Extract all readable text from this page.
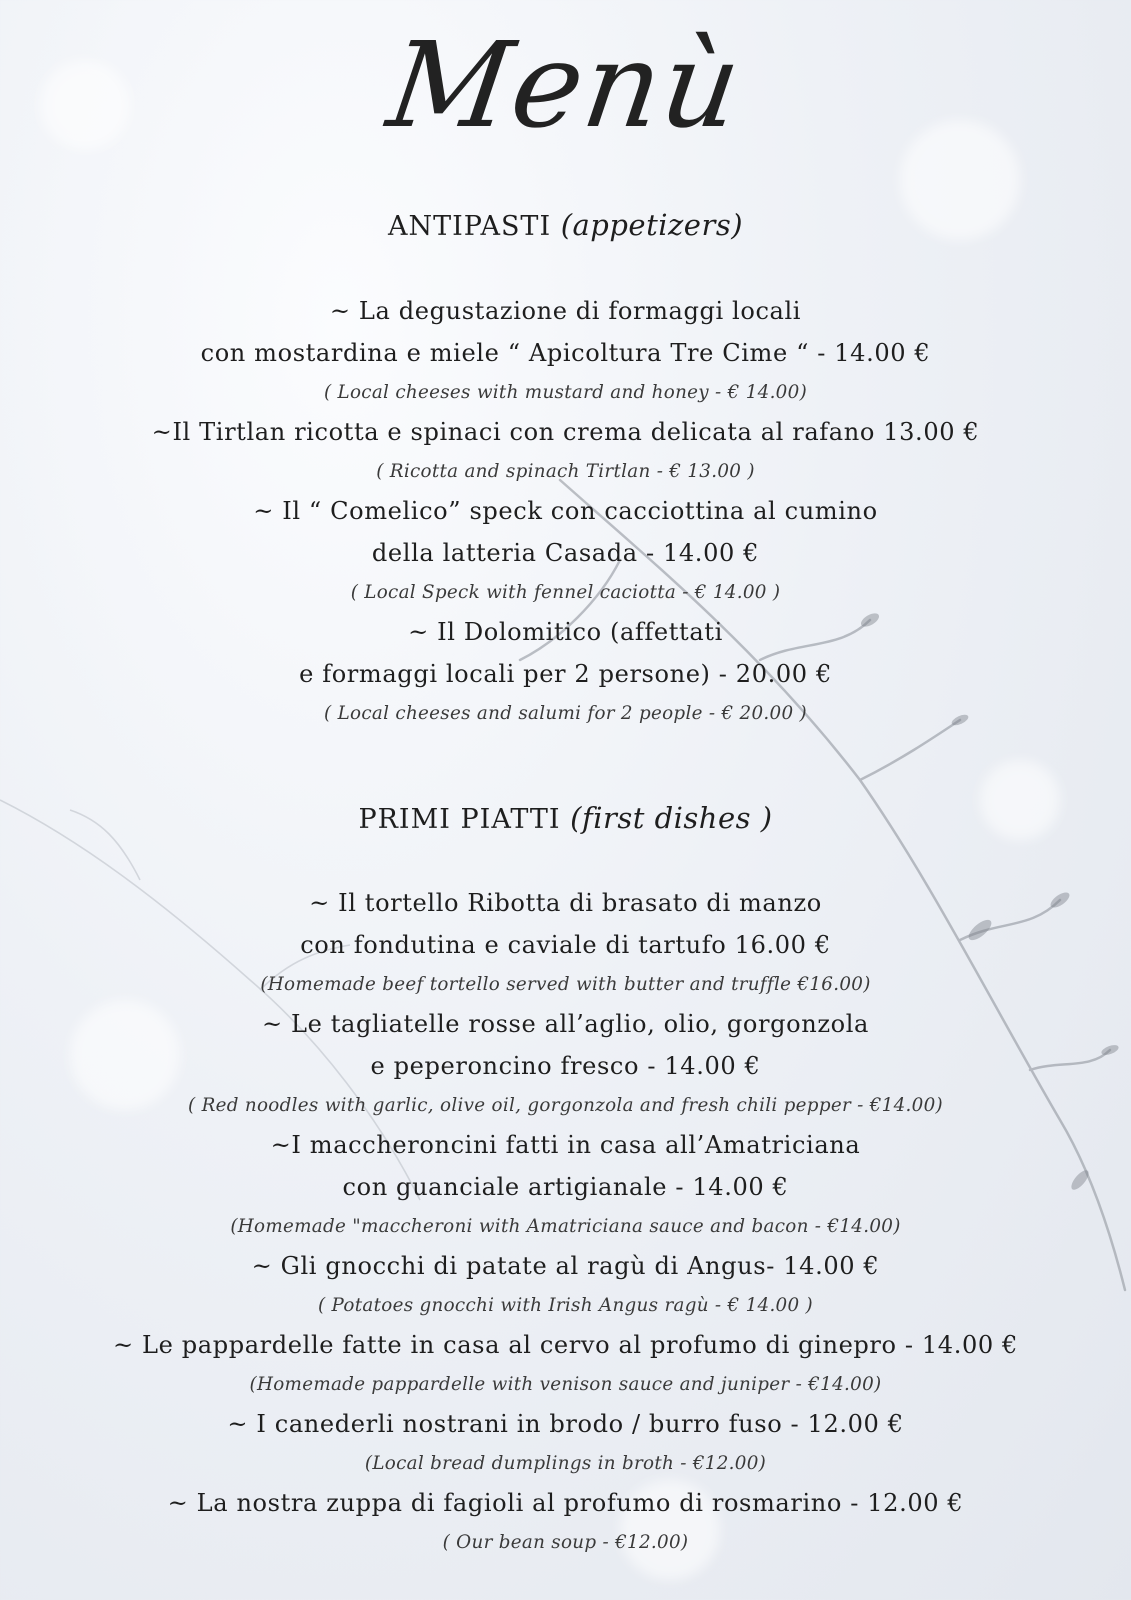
Menù
ANTIPASTI (appetizers)
~ La degustazione di formaggi locali
con mostardina e miele “ Apicoltura Tre Cime “ - 14.00 €
( Local cheeses with mustard and honey - € 14.00)
~Il Tirtlan ricotta e spinaci con crema delicata al rafano 13.00 €
( Ricotta and spinach Tirtlan - € 13.00 )
~ Il “ Comelico” speck con cacciottina al cumino
della latteria Casada - 14.00 €
( Local Speck with fennel caciotta - € 14.00 )
~ Il Dolomitico (affettati
e formaggi locali per 2 persone) - 20.00 €
( Local cheeses and salumi for 2 people - € 20.00 )
PRIMI PIATTI (first dishes )
~ Il tortello Ribotta di brasato di manzo
con fondutina e caviale di tartufo 16.00 €
(Homemade beef tortello served with butter and truffle €16.00)
~ Le tagliatelle rosse all’aglio, olio, gorgonzola
e peperoncino fresco - 14.00 €
( Red noodles with garlic, olive oil, gorgonzola and fresh chili pepper - €14.00)
~I maccheroncini fatti in casa all’Amatriciana
con guanciale artigianale - 14.00 €
(Homemade "maccheroni with Amatriciana sauce and bacon - €14.00)
~ Gli gnocchi di patate al ragù di Angus- 14.00 €
( Potatoes gnocchi with Irish Angus ragù - € 14.00 )
~ Le pappardelle fatte in casa al cervo al profumo di ginepro - 14.00 €
(Homemade pappardelle with venison sauce and juniper - €14.00)
~ I canederli nostrani in brodo / burro fuso - 12.00 €
(Local bread dumplings in broth - €12.00)
~ La nostra zuppa di fagioli al profumo di rosmarino - 12.00 €
( Our bean soup - €12.00)
